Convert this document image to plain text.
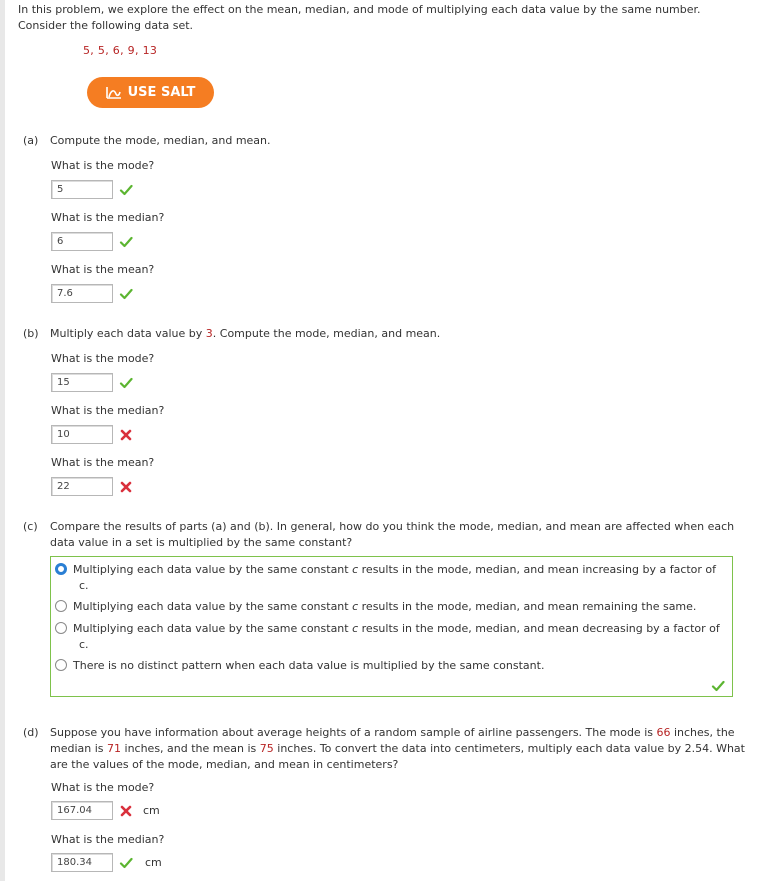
In this problem, we explore the effect on the mean, median, and mode of multiplying each data value by the same number.
Consider the following data set.
5, 5, 6, 9, 13
USE SALT
(a) Compute the mode, median, and mean.
What is the mode?
5
What is the median?
6
What is the mean?
7.6
(b) Multiply each data value by 3. Compute the mode, median, and mean.
What is the mode?
15
What is the median?
10
What is the mean?
22
(c) Compare the results of parts (a) and (b). In general, how do you think the mode, median, and mean are affected when each
data value in a set is multiplied by the same constant?
Multiplying each data value by the same constant c results in the mode, median, and mean increasing by a factor of
c.
Multiplying each data value by the same constant c results in the mode, median, and mean remaining the same.
Multiplying each data value by the same constant c results in the mode, median, and mean decreasing by a factor of
c.
There is no distinct pattern when each data value is multiplied by the same constant.
(d) Suppose you have information about average heights of a random sample of airline passengers. The mode is 66 inches, the
median is 71 inches, and the mean is 75 inches. To convert the data into centimeters, multiply each data value by 2.54. What
are the values of the mode, median, and mean in centimeters?
What is the mode?
167.04
cm
What is the median?
180.34
cm
